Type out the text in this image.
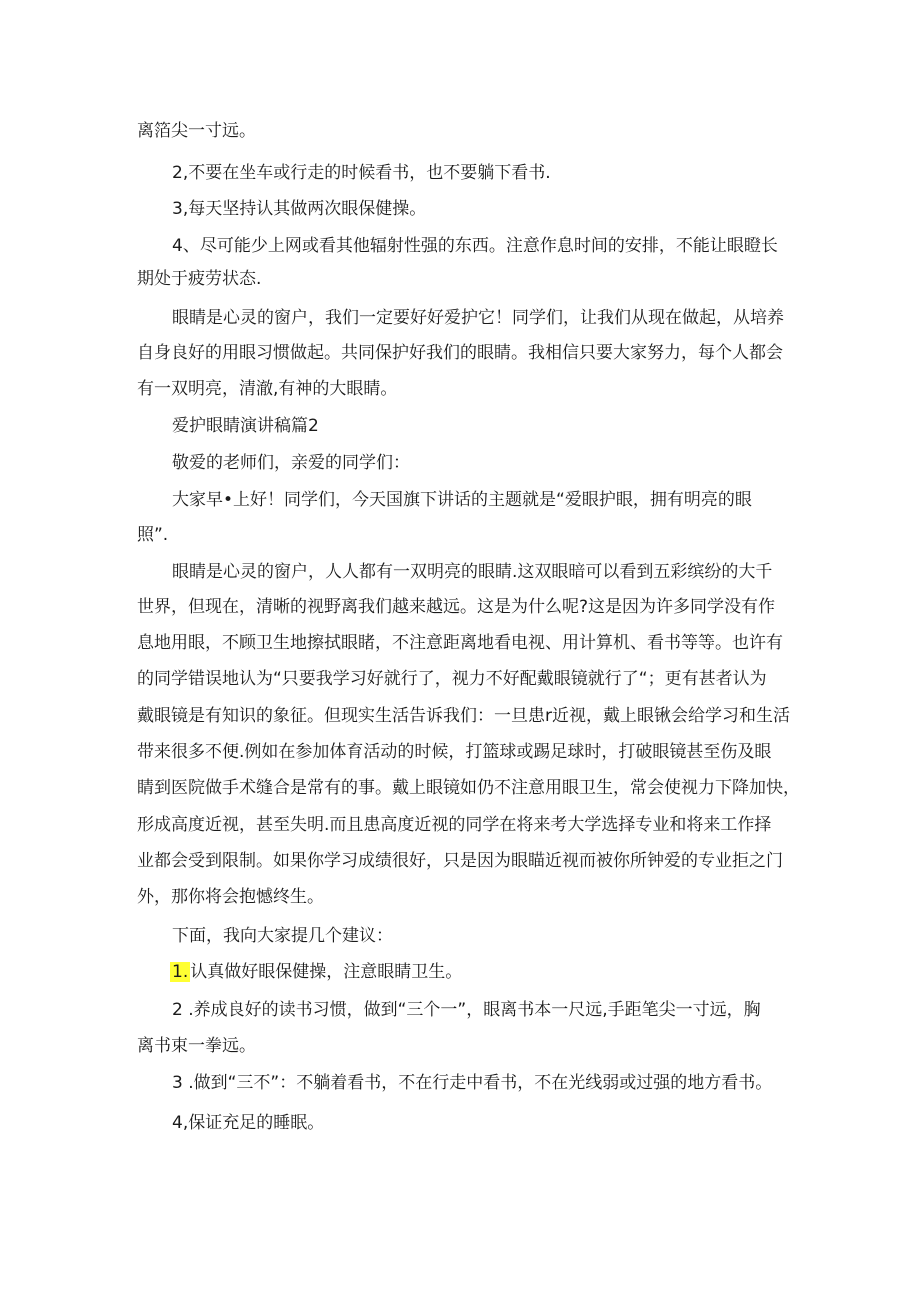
离箔尖一寸远。

2,不要在坐车或行走的时候看书，也不要躺下看书.

3,每天坚持认其做两次眼保健操。

4、尽可能少上网或看其他辐射性强的东西。注意作息时间的安排，不能让眼瞪长

期处于疲劳状态.

眼睛是心灵的窗户，我们一定要好好爱护它！同学们，让我们从现在做起，从培养

自身良好的用眼习惯做起。共同保护好我们的眼睛。我相信只要大家努力，每个人都会

有一双明亮，清澈,有神的大眼睛。

爱护眼睛演讲稿篇2

敬爱的老师们，亲爱的同学们：

大家早•上好！同学们，今天国旗下讲话的主题就是“爱眼护眼，拥有明亮的眼

照”.

眼睛是心灵的窗户，人人都有一双明亮的眼睛.这双眼暗可以看到五彩缤纷的大千

世界，但现在，清晰的视野离我们越来越远。这是为什么呢?这是因为许多同学没有作

息地用眼，不顾卫生地擦拭眼睹，不注意距离地看电视、用计算机、看书等等。也许有

的同学错误地认为“只要我学习好就行了，视力不好配戴眼镜就行了“；更有甚者认为

戴眼镜是有知识的象征。但现实生活告诉我们：一旦患r近视，戴上眼锹会给学习和生活

带来很多不便.例如在参加体育活动的时候，打篮球或踢足球时，打破眼镜甚至伤及眼

睛到医院做手术缝合是常有的事。戴上眼镜如仍不注意用眼卫生，常会使视力下降加快，

形成高度近视，甚至失明.而且患高度近视的同学在将来考大学选择专业和将来工作择

业都会受到限制。如果你学习成绩很好，只是因为眼瞄近视而被你所钟爱的专业拒之门

外，那你将会抱憾终生。

下面，我向大家提几个建议：

1. 认真做好眼保健操，注意眼睛卫生。

2 .养成良好的读书习惯，做到“三个一”，眼离书本一尺远,手距笔尖一寸远，胸

离书束一拳远。

3 .做到“三不”：不躺着看书，不在行走中看书，不在光线弱或过强的地方看书。

4,保证充足的睡眠。
